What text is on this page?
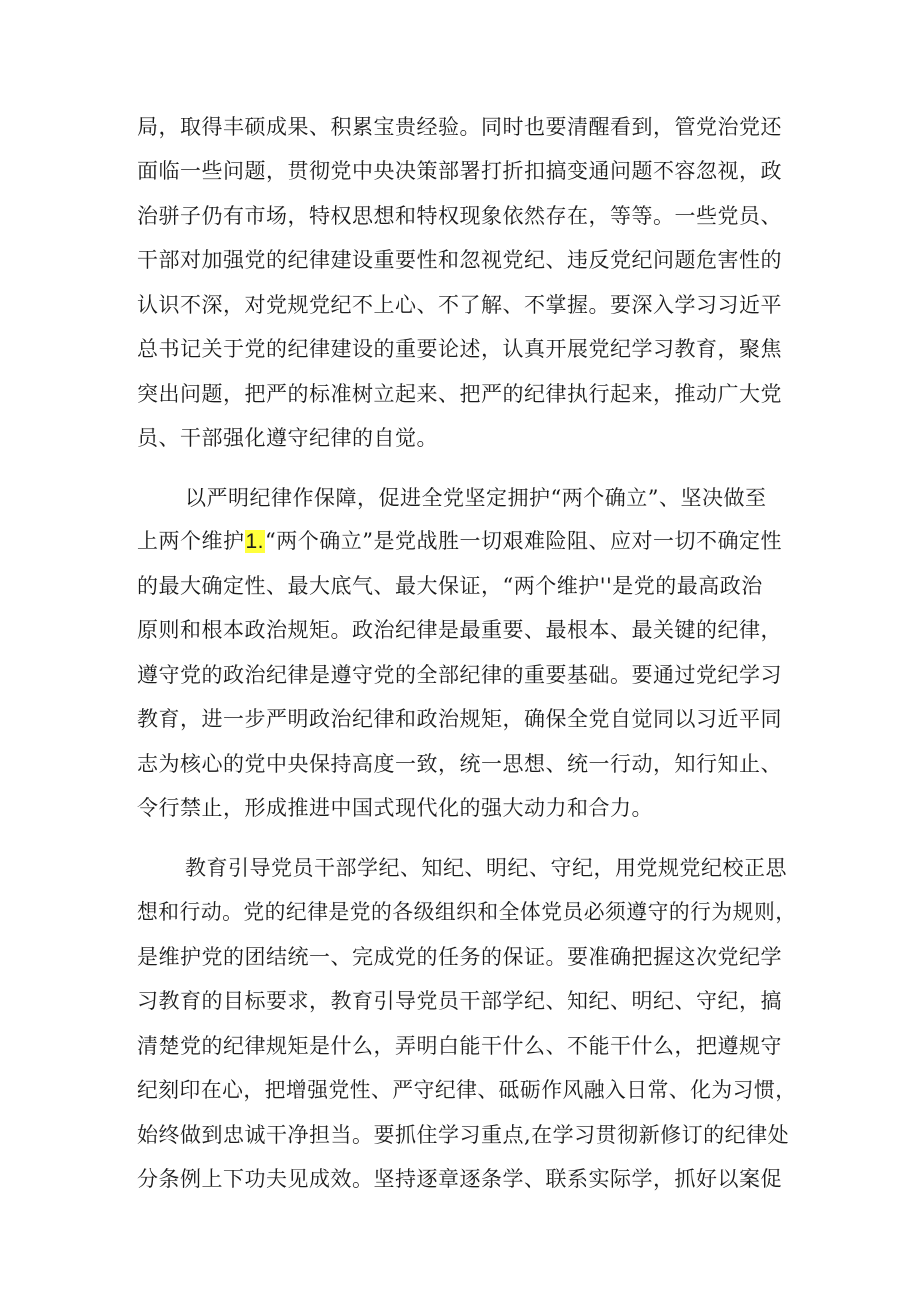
局，取得丰硕成果、积累宝贵经验。同时也要清醒看到，管党治党还
面临一些问题，贯彻党中央决策部署打折扣搞变通问题不容忽视，政
治骈子仍有市场，特权思想和特权现象依然存在，等等。一些党员、
干部对加强党的纪律建设重要性和忽视党纪、违反党纪问题危害性的
认识不深，对党规党纪不上心、不了解、不掌握。要深入学习习近平
总书记关于党的纪律建设的重要论述，认真开展党纪学习教育，聚焦
突出问题，把严的标准树立起来、把严的纪律执行起来，推动广大党
员、干部强化遵守纪律的自觉。
以严明纪律作保障，促进全党坚定拥护“两个确立”、坚决做至
上两个维护1.“两个确立”是党战胜一切艰难险阻、应对一切不确定性
的最大确定性、最大底气、最大保证，“两个维护''是党的最高政治
原则和根本政治规矩。政治纪律是最重要、最根本、最关键的纪律，
遵守党的政治纪律是遵守党的全部纪律的重要基础。要通过党纪学习
教育，进一步严明政治纪律和政治规矩，确保全党自觉同以习近平同
志为核心的党中央保持高度一致，统一思想、统一行动，知行知止、
令行禁止，形成推进中国式现代化的强大动力和合力。
教育引导党员干部学纪、知纪、明纪、守纪，用党规党纪校正思
想和行动。党的纪律是党的各级组织和全体党员必须遵守的行为规则，
是维护党的团结统一、完成党的任务的保证。要准确把握这次党纪学
习教育的目标要求，教育引导党员干部学纪、知纪、明纪、守纪，搞
清楚党的纪律规矩是什么，弄明白能干什么、不能干什么，把遵规守
纪刻印在心，把增强党性、严守纪律、砥砺作风融入日常、化为习惯，
始终做到忠诚干净担当。要抓住学习重点,在学习贯彻新修订的纪律处
分条例上下功夫见成效。坚持逐章逐条学、联系实际学，抓好以案促
